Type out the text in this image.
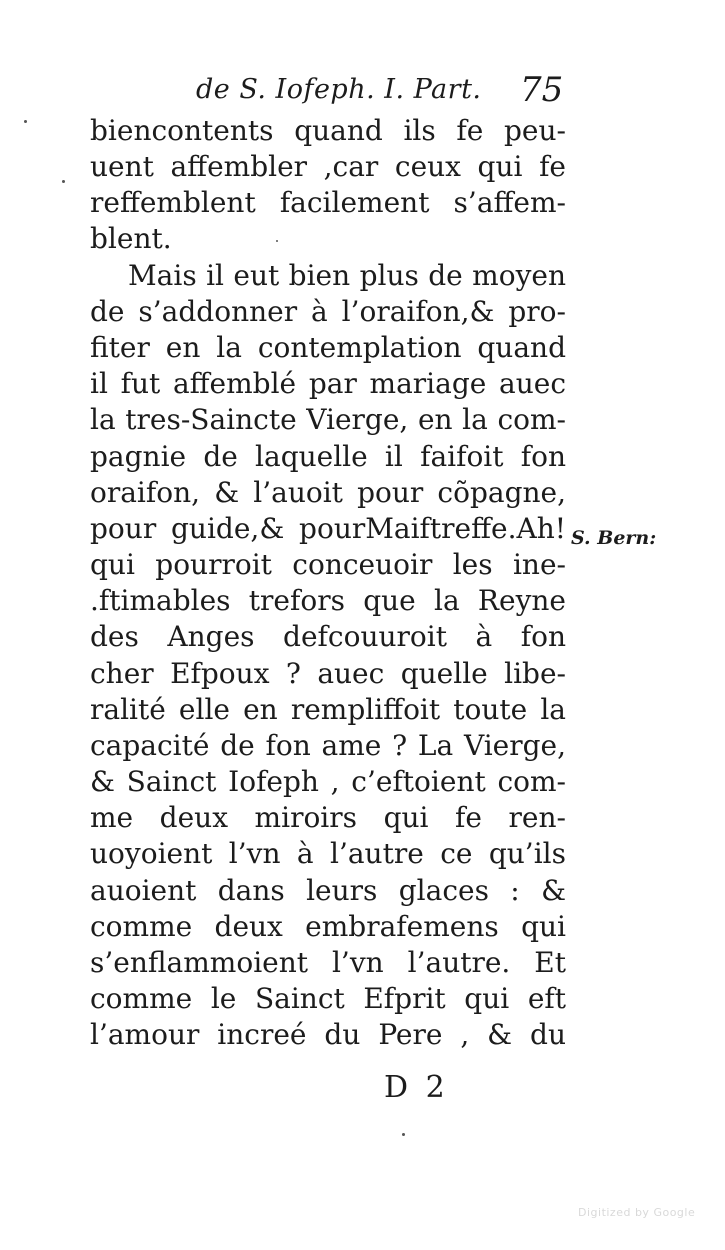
de S. Iofeph. I. Part. 75
biencontents quand ils fe peu-
uent affembler ,car ceux qui fe
reffemblent facilement s’affem-
blent.
Mais il eut bien plus de moyen
de s’addonner à l’oraifon,& pro-
fiter en la contemplation quand
il fut affemblé par mariage auec
la tres-Saincte Vierge, en la com-
pagnie de laquelle il faifoit fon
oraifon, & l’auoit pour cõpagne,
pour guide,& pourMaiftreffe.Ah!
qui pourroit conceuoir les ine-
.ftimables trefors que la Reyne
des Anges defcouuroit à fon
cher Efpoux ? auec quelle libe-
ralité elle en rempliffoit toute la
capacité de fon ame ? La Vierge,
& Sainct Iofeph , c’eftoient com-
me deux miroirs qui fe ren-
uoyoient l’vn à l’autre ce qu’ils
auoient dans leurs glaces : &
comme deux embrafemens qui
s’enflammoient l’vn l’autre. Et
comme le Sainct Efprit qui eft
l’amour increé du Pere , & du
S. Bern:
D 2
Digitized by Google
